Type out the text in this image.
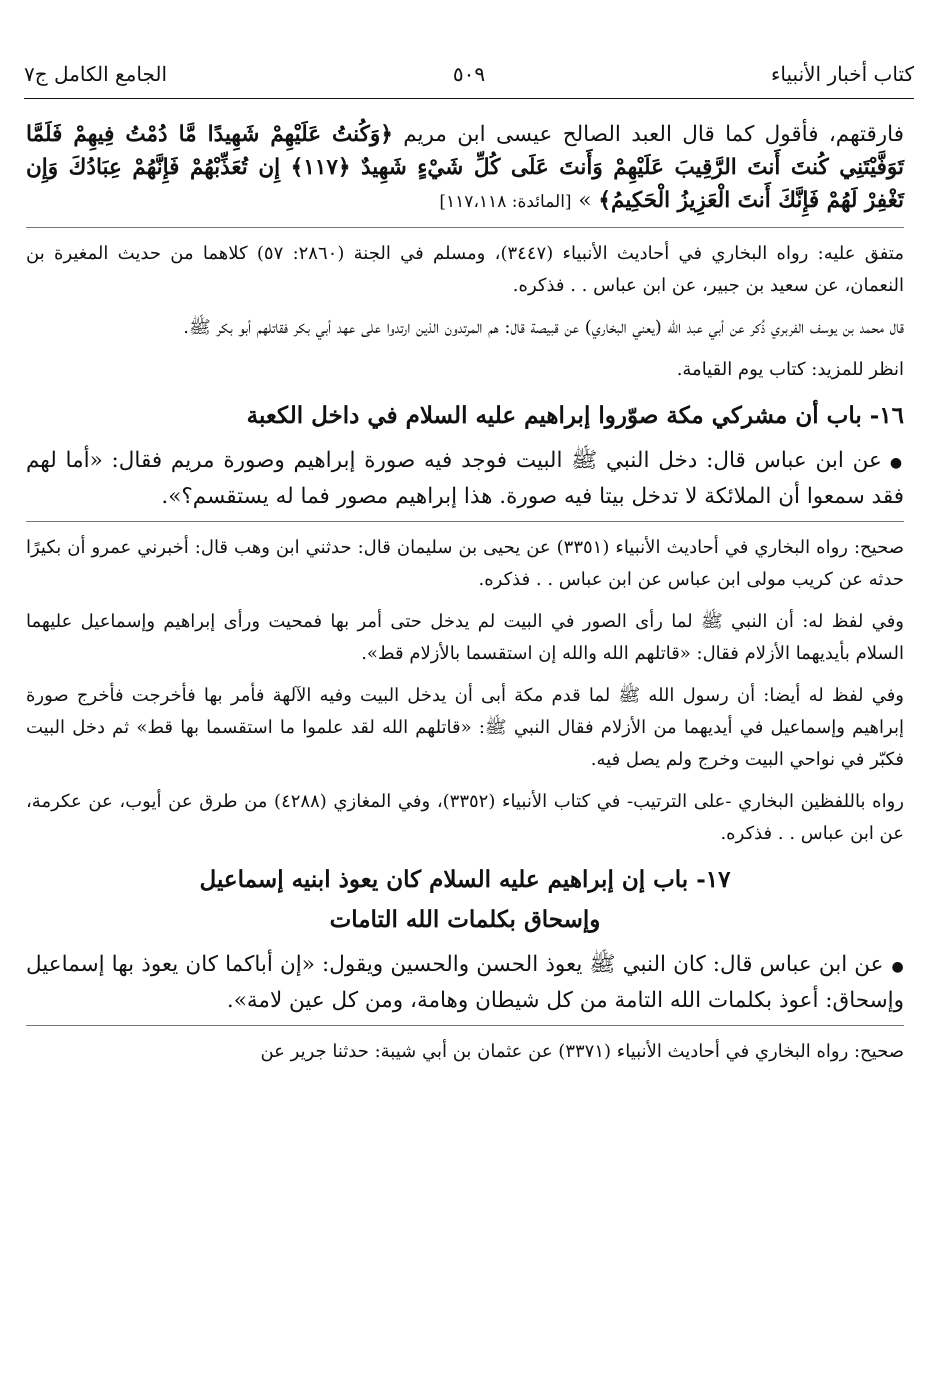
كتاب أخبار الأنبياء
٥٠٩
الجامع الكامل ج٧

فارقتهم، فأقول كما قال العبد الصالح عيسى ابن مريم ﴿وَكُنتُ عَلَيْهِمْ شَهِيدًا مَّا دُمْتُ فِيهِمْ فَلَمَّا تَوَفَّيْتَنِي كُنتَ أَنتَ الرَّقِيبَ عَلَيْهِمْ وَأَنتَ عَلَى كُلِّ شَيْءٍ شَهِيدٌ ﴿١١٧﴾ إِن تُعَذِّبْهُمْ فَإِنَّهُمْ عِبَادُكَ وَإِن تَغْفِرْ لَهُمْ فَإِنَّكَ أَنتَ الْعَزِيزُ الْحَكِيمُ﴾ » [المائدة: ١١٧،١١٨]

متفق عليه: رواه البخاري في أحاديث الأنبياء (٣٤٤٧)، ومسلم في الجنة (٢٨٦٠: ٥٧) كلاهما من حديث المغيرة بن النعمان، عن سعيد بن جبير، عن ابن عباس . . فذكره.

قال محمد بن يوسف الفربري ذُكر عن أبي عبد الله (يعني البخاري) عن قبيصة قال: هم المرتدون الذين ارتدوا على عهد أبي بكر فقاتلهم أبو بكر ﷺ.

انظر للمزيد: كتاب يوم القيامة.

١٦- باب أن مشركي مكة صوّروا إبراهيم عليه السلام في داخل الكعبة

●عن ابن عباس قال: دخل النبي ﷺ البيت فوجد فيه صورة إبراهيم وصورة مريم فقال: «أما لهم فقد سمعوا أن الملائكة لا تدخل بيتا فيه صورة. هذا إبراهيم مصور فما له يستقسم؟».

صحيح: رواه البخاري في أحاديث الأنبياء (٣٣٥١) عن يحيى بن سليمان قال: حدثني ابن وهب قال: أخبرني عمرو أن بكيرًا حدثه عن كريب مولى ابن عباس عن ابن عباس . . فذكره.

وفي لفظ له: أن النبي ﷺ لما رأى الصور في البيت لم يدخل حتى أمر بها فمحيت ورأى إبراهيم وإسماعيل عليهما السلام بأيديهما الأزلام فقال: «قاتلهم الله والله إن استقسما بالأزلام قط».

وفي لفظ له أيضا: أن رسول الله ﷺ لما قدم مكة أبى أن يدخل البيت وفيه الآلهة فأمر بها فأخرجت فأخرج صورة إبراهيم وإسماعيل في أيديهما من الأزلام فقال النبي ﷺ: «قاتلهم الله لقد علموا ما استقسما بها قط» ثم دخل البيت فكبّر في نواحي البيت وخرج ولم يصل فيه.

رواه باللفظين البخاري -على الترتيب- في كتاب الأنبياء (٣٣٥٢)، وفي المغازي (٤٢٨٨) من طرق عن أيوب، عن عكرمة، عن ابن عباس . . فذكره.

١٧- باب إن إبراهيم عليه السلام كان يعوذ ابنيه إسماعيل
وإسحاق بكلمات الله التامات

●عن ابن عباس قال: كان النبي ﷺ يعوذ الحسن والحسين ويقول: «إن أباكما كان يعوذ بها إسماعيل وإسحاق: أعوذ بكلمات الله التامة من كل شيطان وهامة، ومن كل عين لامة».

صحيح: رواه البخاري في أحاديث الأنبياء (٣٣٧١) عن عثمان بن أبي شيبة: حدثنا جرير عن
